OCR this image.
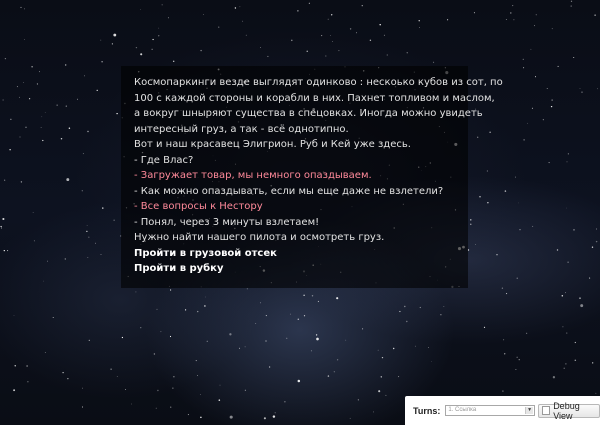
Космопаркинги везде выглядят одинково : нескоько кубов из сот, по
100 с каждой стороны и корабли в них. Пахнет топливом и маслом,
а вокруг шныряют существа в спецовках. Иногда можно увидеть
интересный груз, а так - всё однотипно.
Вот и наш красавец Элигрион. Руб и Кей уже здесь.
- Где Влас?
- Загружает товар, мы немного опаздываем.
- Как можно опаздывать, если мы еще даже не взлетели?
- Все вопросы к Нестору
- Понял, через 3 минуты взлетаем!
Нужно найти нашего пилота и осмотреть груз.
Пройти в грузовой отсек
Пройти в рубку
Turns:	1. Ссылка	▼ Debug View
